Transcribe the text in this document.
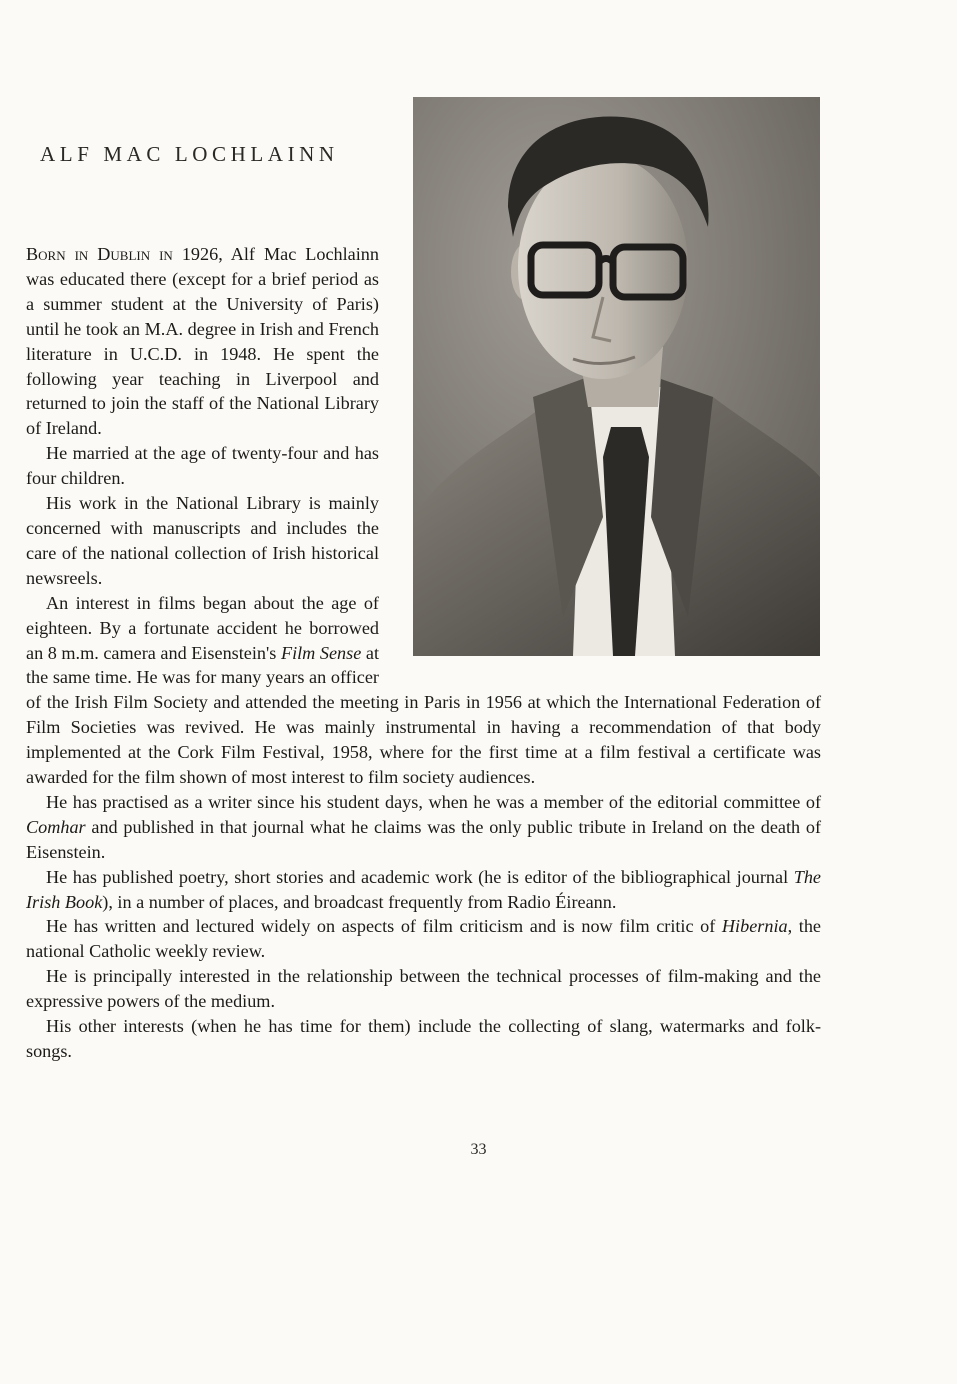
ALF MAC LOCHLAINN

Born in Dublin in 1926, Alf Mac Lochlainn was educated there (except for a brief period as a summer student at the University of Paris) until he took an M.A. degree in Irish and French literature in U.C.D. in 1948. He spent the following year teaching in Liverpool and returned to join the staff of the National Library of Ireland.

He married at the age of twenty-four and has four children.

His work in the National Library is mainly concerned with manuscripts and includes the care of the national collection of Irish historical newsreels.

An interest in films began about the age of eighteen. By a fortunate accident he borrowed an 8 m.m. camera and Eisenstein's Film Sense at the same time. He was for many years an officer of the Irish Film Society and attended the meeting in Paris in 1956 at which the International Federation of Film Societies was revived. He was mainly instrumental in having a recommendation of that body implemented at the Cork Film Festival, 1958, where for the first time at a film festival a certificate was awarded for the film shown of most interest to film society audiences.

He has practised as a writer since his student days, when he was a member of the editorial committee of Comhar and published in that journal what he claims was the only public tribute in Ireland on the death of Eisenstein.

He has published poetry, short stories and academic work (he is editor of the bibliographical journal The Irish Book), in a number of places, and broadcast frequently from Radio Éireann.

He has written and lectured widely on aspects of film criticism and is now film critic of Hibernia, the national Catholic weekly review.

He is principally interested in the relationship between the technical processes of film-making and the expressive powers of the medium.

His other interests (when he has time for them) include the collecting of slang, watermarks and folk-songs.

33
